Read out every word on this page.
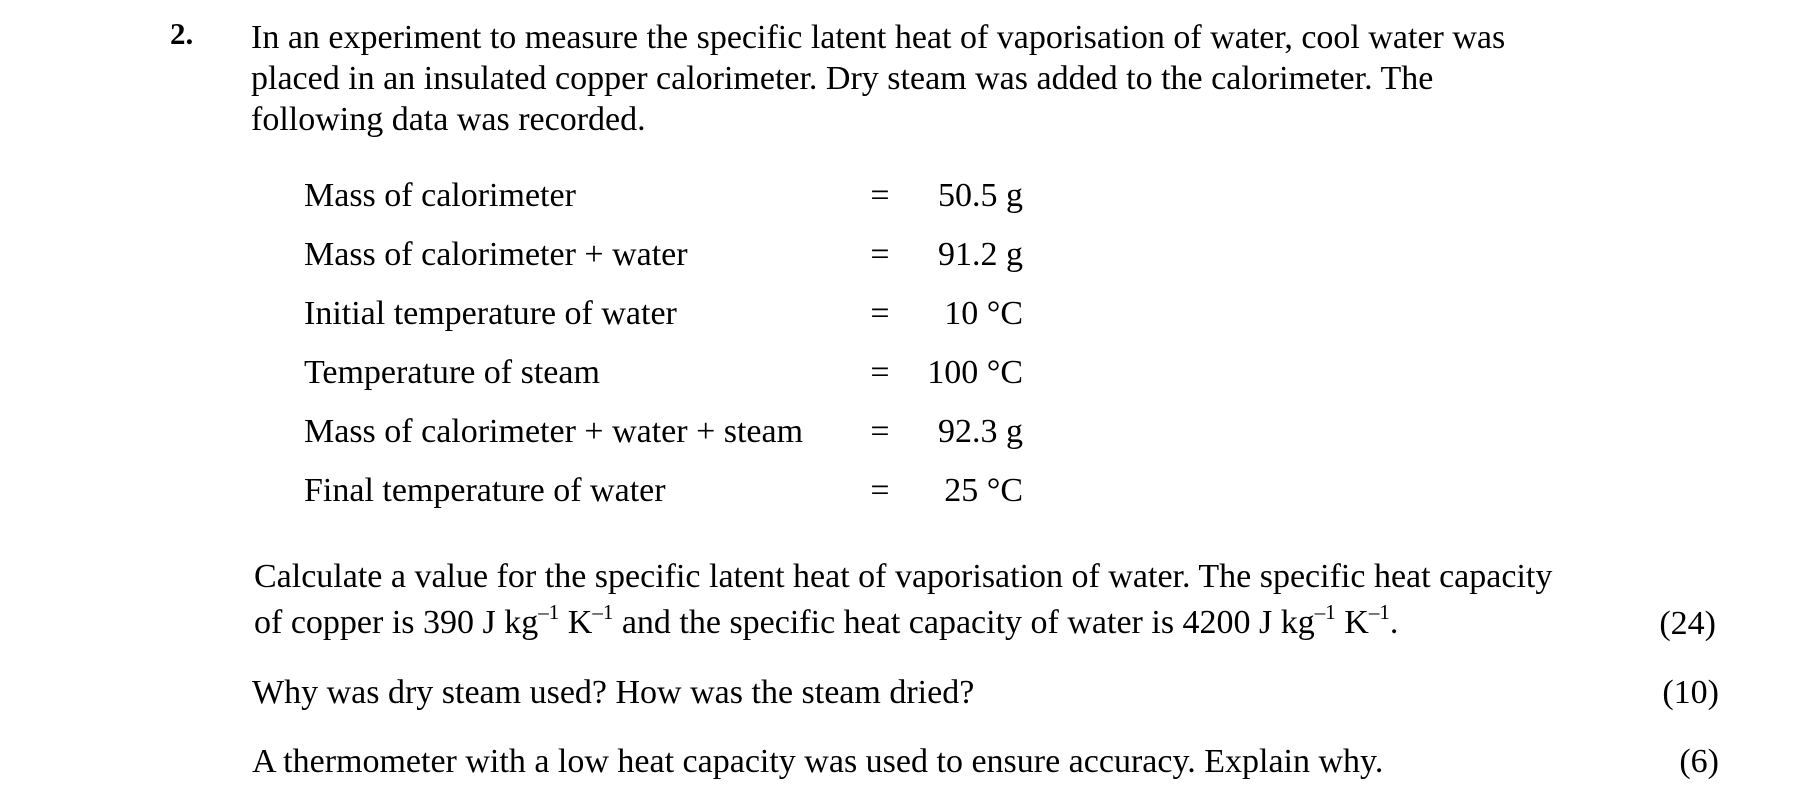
2. In an experiment to measure the specific latent heat of vaporisation of water, cool water was
placed in an insulated copper calorimeter. Dry steam was added to the calorimeter. The
following data was recorded.
Mass of calorimeter	=	50.5 g
Mass of calorimeter + water	=	91.2 g
Initial temperature of water	=	10 °C
Temperature of steam	=	100 °C
Mass of calorimeter + water + steam =	92.3 g
Final temperature of water	=	25 °C
Calculate a value for the specific latent heat of vaporisation of water. The specific heat capacity
of copper is 390 J $kg^{-1}$ $K^{-1}$ and the specific heat capacity of water is 4200 J $kg^{-1}$ $K^{-1}$.	(24)
Why was dry steam used? How was the steam dried?	(10)
A thermometer with a low heat capacity was used to ensure accuracy. Explain why.	(6)
